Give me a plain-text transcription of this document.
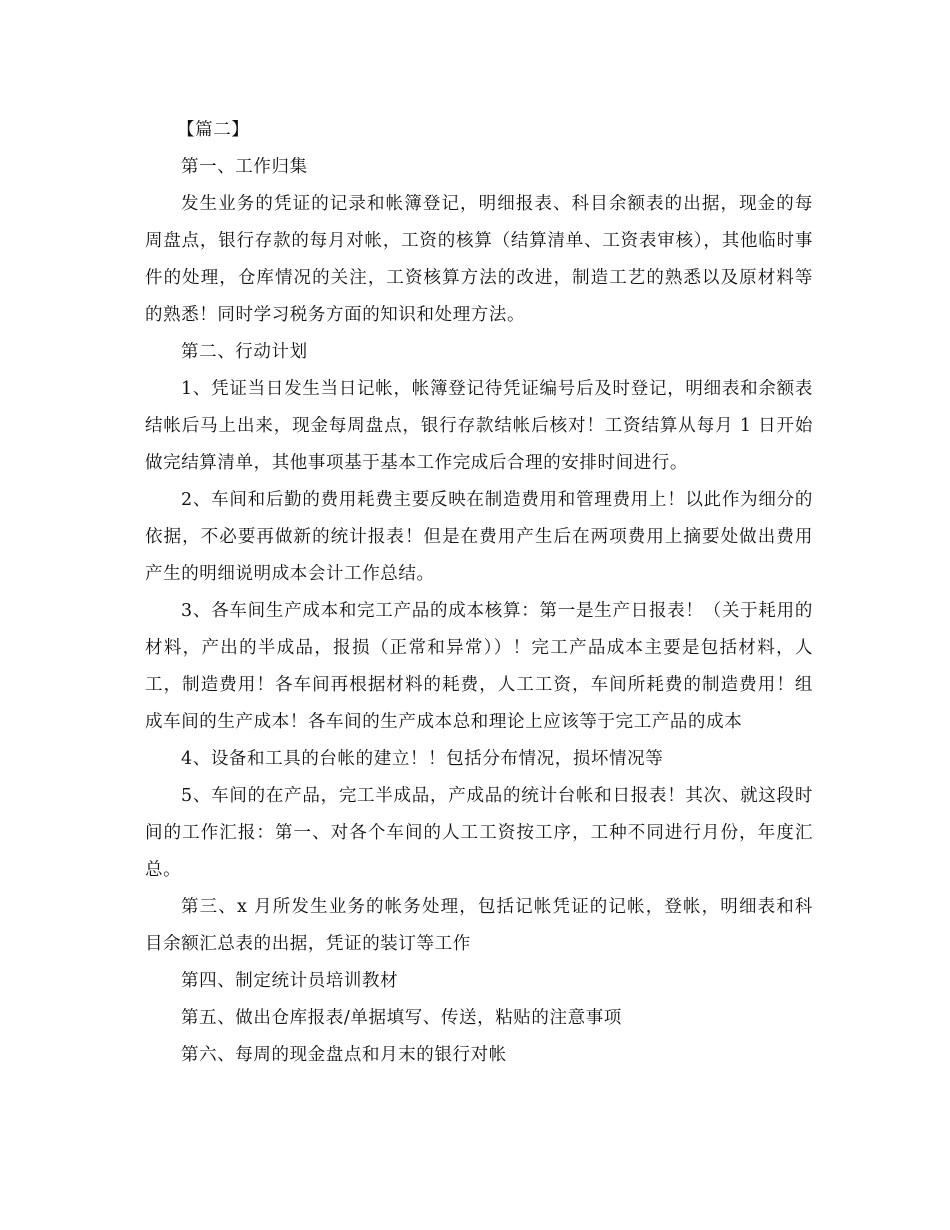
【篇二】

第一、工作归集

发生业务的凭证的记录和帐簿登记，明细报表、科目余额表的出据，现金的每周盘点，银行存款的每月对帐，工资的核算（结算清单、工资表审核），其他临时事件的处理，仓库情况的关注，工资核算方法的改进，制造工艺的熟悉以及原材料等的熟悉！同时学习税务方面的知识和处理方法。

第二、行动计划

1、凭证当日发生当日记帐，帐簿登记待凭证编号后及时登记，明细表和余额表结帐后马上出来，现金每周盘点，银行存款结帐后核对！工资结算从每月 1 日开始做完结算清单，其他事项基于基本工作完成后合理的安排时间进行。

2、车间和后勤的费用耗费主要反映在制造费用和管理费用上！以此作为细分的依据，不必要再做新的统计报表！但是在费用产生后在两项费用上摘要处做出费用产生的明细说明成本会计工作总结。

3、各车间生产成本和完工产品的成本核算：第一是生产日报表！（关于耗用的材料，产出的半成品，报损（正常和异常））！完工产品成本主要是包括材料，人工，制造费用！各车间再根据材料的耗费，人工工资，车间所耗费的制造费用！组成车间的生产成本！各车间的生产成本总和理论上应该等于完工产品的成本

4、设备和工具的台帐的建立！！包括分布情况，损坏情况等

5、车间的在产品，完工半成品，产成品的统计台帐和日报表！其次、就这段时间的工作汇报：第一、对各个车间的人工工资按工序，工种不同进行月份，年度汇总。

第三、x 月所发生业务的帐务处理，包括记帐凭证的记帐，登帐，明细表和科目余额汇总表的出据，凭证的装订等工作

第四、制定统计员培训教材

第五、做出仓库报表/单据填写、传送，粘贴的注意事项

第六、每周的现金盘点和月末的银行对帐
